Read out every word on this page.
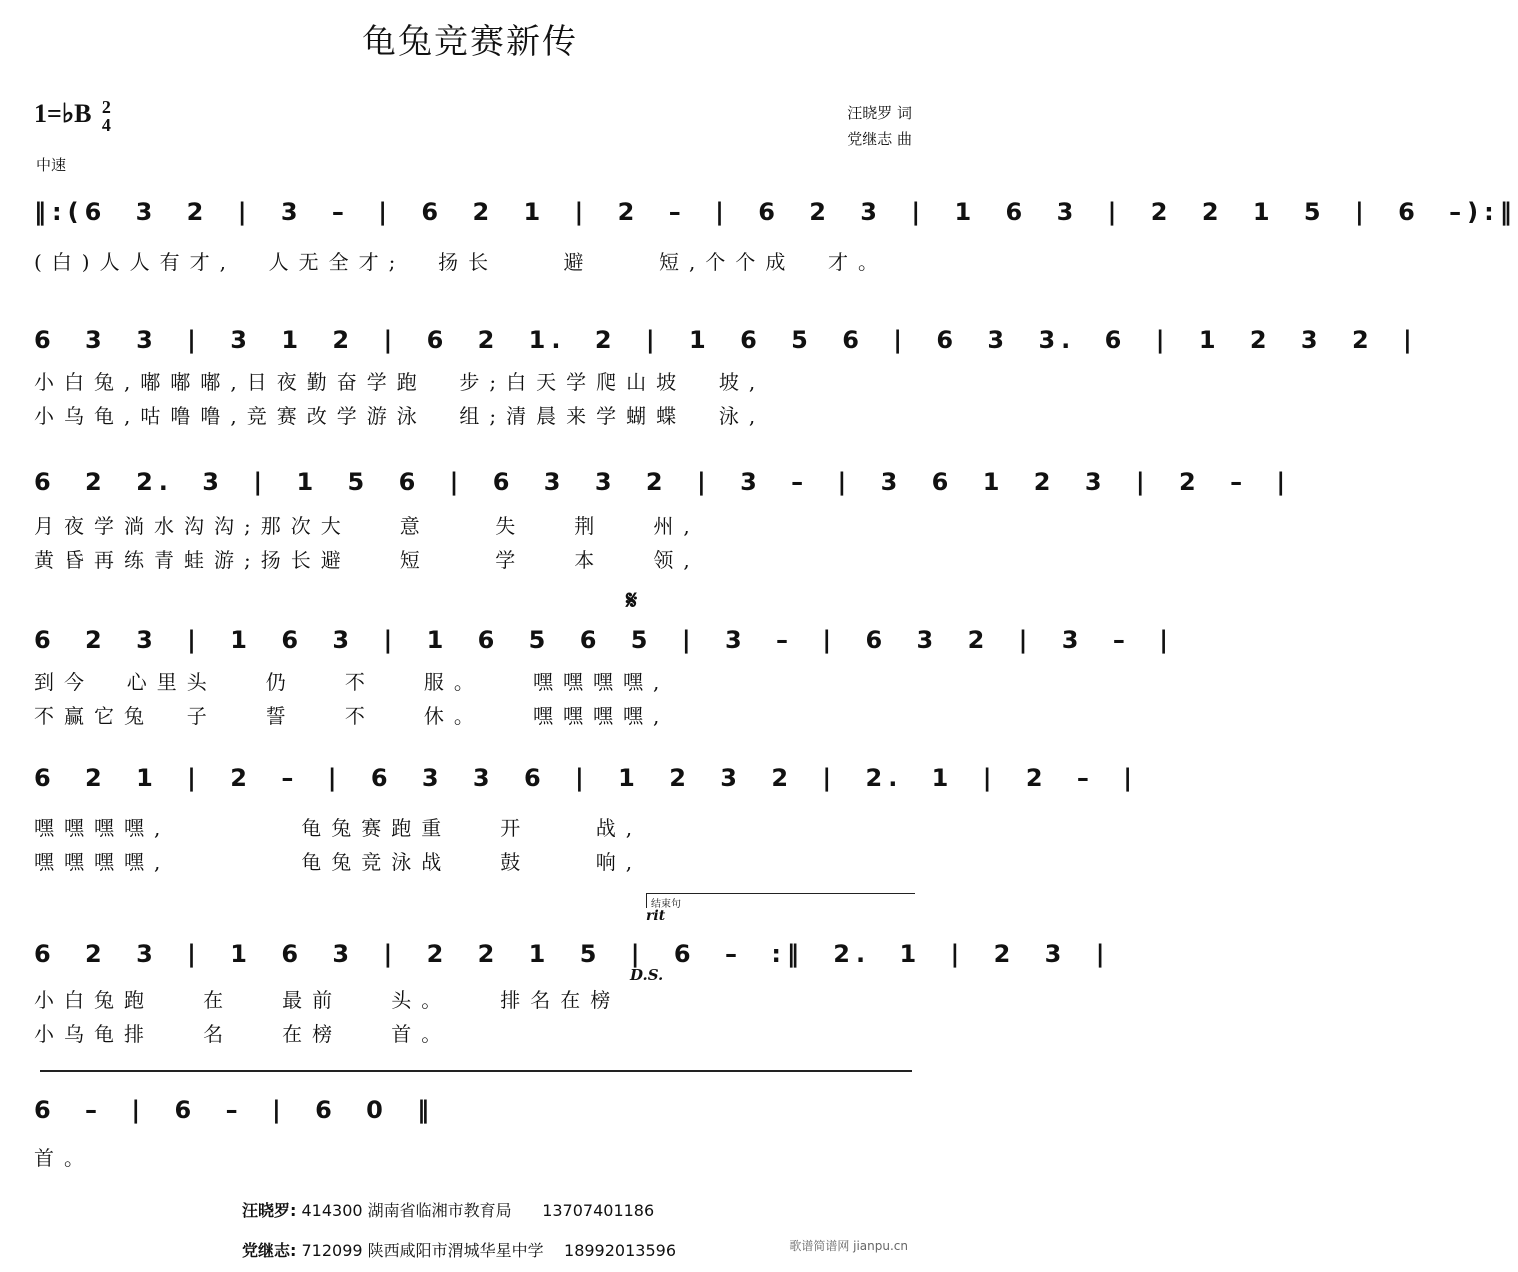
龟兔竞赛新传
1=♭B 2
4
汪晓罗 词
党继志 曲
中速
‖:(6 3 2 | 3 – | 6 2 1 | 2 – | 6 2 3 | 1 6 3 | 2 2 1 5 | 6 –):‖
(白)人人有才,  人无全才;  扬长    避    短,个个成  才。
6 3 3 | 3 1 2 | 6 2 1. 2 | 1 6 5 6 | 6 3 3. 6 | 1 2 3 2 |
小白兔,嘟嘟嘟,日夜勤奋学跑  步;白天学爬山坡  坡,
小乌龟,咕噜噜,竞赛改学游泳  组;清晨来学蝴蝶  泳,
6 2 2. 3 | 1 5 6 | 6 3 3 2 | 3 – | 3 6 1 2 3 | 2 – |
月夜学淌水沟沟;那次大   意    失   荆   州,
黄昏再练青蛙游;扬长避   短    学   本   领,
6 2 3 | 1 6 3 | 1 6 5 6 5 | 3 – | 6 3 2 | 3 – |
到今  心里头   仍   不   服。   嘿嘿嘿嘿,
不赢它兔  子   誓   不   休。   嘿嘿嘿嘿,
6 2 1 | 2 – | 6 3 3 6 | 1 2 3 2 | 2. 1 | 2 – |
嘿嘿嘿嘿,        龟兔赛跑重   开    战,
嘿嘿嘿嘿,        龟兔竞泳战   鼓    响,
6 2 3 | 1 6 3 | 2 2 1 5 | 6 – :‖ 2. 1 | 2 3 |
小白兔跑   在   最前   头。   排名在榜
小乌龟排   名   在榜   首。
6 – | 6 – | 6 0 ‖
首。
𝄋
结束句
rit
D.S.
汪晓罗: 414300 湖南省临湘市教育局 13707401186
党继志: 712099 陕西咸阳市渭城华星中学 18992013596	歌谱简谱网 jianpu.cn
